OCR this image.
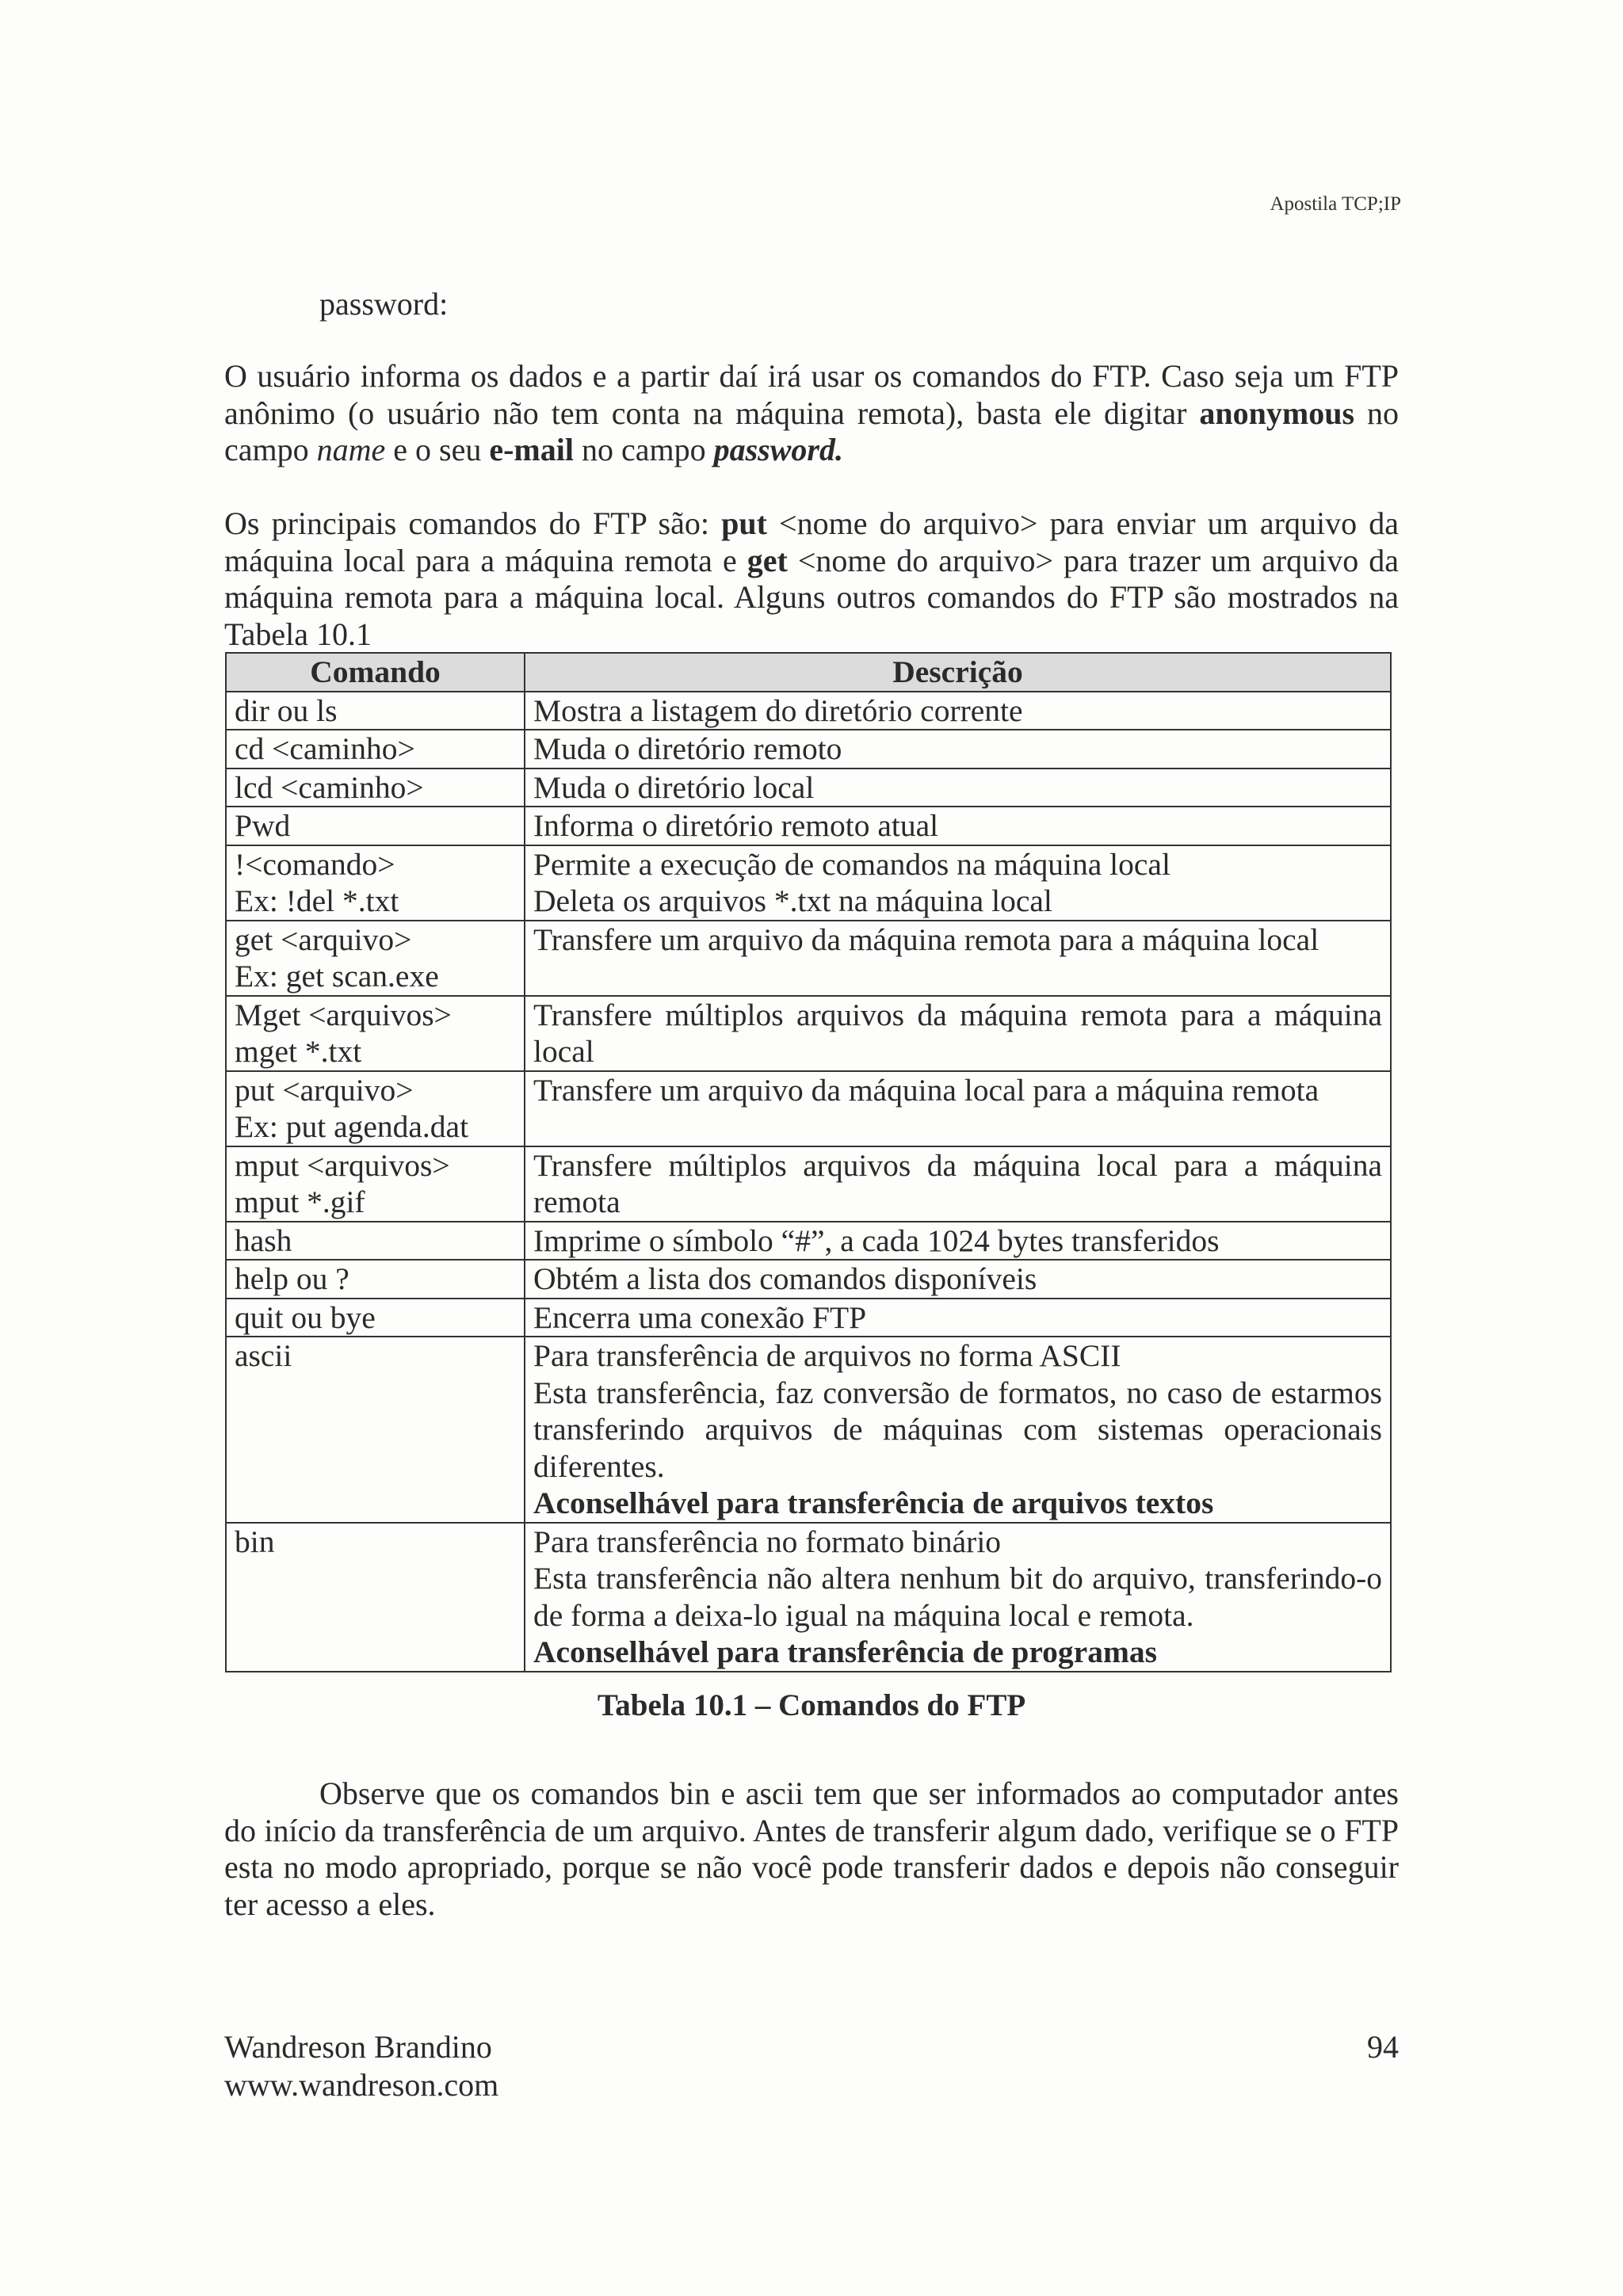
Apostila TCP;IP
password:
O usuário informa os dados e a partir daí irá usar os comandos do FTP. Caso seja um FTP anônimo (o usuário não tem conta na máquina remota), basta ele digitar anonymous no campo name e o seu e-mail no campo password.
Os principais comandos do FTP são: put <nome do arquivo> para enviar um arquivo da máquina local para a máquina remota e get <nome do arquivo> para trazer um arquivo da máquina remota para a máquina local. Alguns outros comandos do FTP são mostrados na Tabela 10.1
Comando	Descrição

dir ou ls	Mostra a listagem do diretório corrente

cd <caminho>	Muda o diretório remoto

lcd <caminho>	Muda o diretório local

Pwd	Informa o diretório remoto atual

!<comando>
Ex: !del *.txt	Permite a execução de comandos na máquina local
Deleta os arquivos *.txt na máquina local

get <arquivo>
Ex: get scan.exe	Transfere um arquivo da máquina remota para a máquina local

Mget <arquivos>
mget *.txt	Transfere múltiplos arquivos da máquina remota para a máquina local

put <arquivo>
Ex: put agenda.dat	Transfere um arquivo da máquina local para a máquina remota

mput <arquivos>
mput *.gif	Transfere múltiplos arquivos da máquina local para a máquina remota

hash	Imprime o símbolo “#”, a cada 1024 bytes transferidos

help ou ?	Obtém a lista dos comandos disponíveis

quit ou bye	Encerra uma conexão FTP

ascii	Para transferência de arquivos no forma ASCII
Esta transferência, faz conversão de formatos, no caso de estarmos transferindo arquivos de máquinas com sistemas operacionais diferentes.
Aconselhável para transferência de arquivos textos

bin	Para transferência no formato binário
Esta transferência não altera nenhum bit do arquivo, transferindo-o de forma a deixa-lo igual na máquina local e remota.
Aconselhável para transferência de programas
Tabela 10.1 – Comandos do FTP
Observe que os comandos bin e ascii tem que ser informados ao computador antes do início da transferência de um arquivo. Antes de transferir algum dado, verifique se o FTP esta no modo apropriado, porque se não você pode transferir dados e depois não conseguir ter acesso a eles.
Wandreson Brandino
www.wandreson.com
94
